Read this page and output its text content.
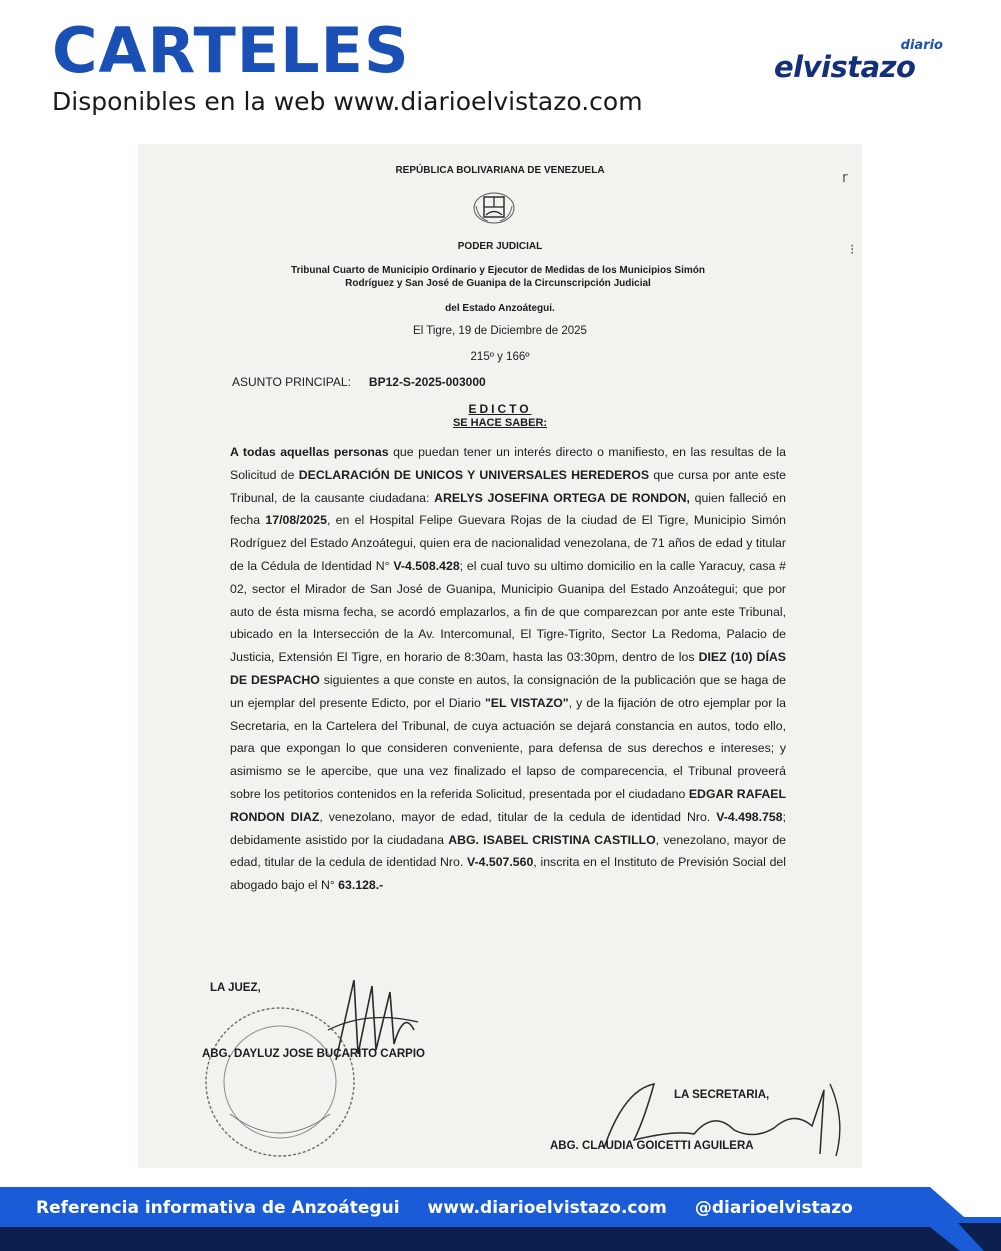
CARTELES

Disponibles en la web www.diarioelvistazo.com

diario
elvistazo

REPÚBLICA BOLIVARIANA DE VENEZUELA

PODER JUDICIAL

Tribunal Cuarto de Municipio Ordinario y Ejecutor de Medidas de los Municipios Simón

Rodríguez y San José de Guanipa de la Circunscripción Judicial

del Estado Anzoátegui.

El Tigre, 19 de Diciembre de 2025

215º y 166º

ASUNTO PRINCIPAL: BP12-S-2025-003000

EDICTO

SE HACE SABER:

A todas aquellas personas que puedan tener un interés directo o manifiesto, en las resultas de la Solicitud de DECLARACIÓN DE UNICOS Y UNIVERSALES HEREDEROS que cursa por ante este Tribunal, de la causante ciudadana: ARELYS JOSEFINA ORTEGA DE RONDON, quien falleció en fecha 17/08/2025, en el Hospital Felipe Guevara Rojas de la ciudad de El Tigre, Municipio Simón Rodríguez del Estado Anzoátegui, quien era de nacionalidad venezolana, de 71 años de edad y titular de la Cédula de Identidad N° V-4.508.428; el cual tuvo su ultimo domicilio en la calle Yaracuy, casa # 02, sector el Mirador de San José de Guanipa, Municipio Guanipa del Estado Anzoátegui; que por auto de ésta misma fecha, se acordó emplazarlos, a fin de que comparezcan por ante este Tribunal, ubicado en la Intersección de la Av. Intercomunal, El Tigre-Tigrito, Sector La Redoma, Palacio de Justicia, Extensión El Tigre, en horario de 8:30am, hasta las 03:30pm, dentro de los DIEZ (10) DÍAS DE DESPACHO siguientes a que conste en autos, la consignación de la publicación que se haga de un ejemplar del presente Edicto, por el Diario "EL VISTAZO", y de la fijación de otro ejemplar por la Secretaria, en la Cartelera del Tribunal, de cuya actuación se dejará constancia en autos, todo ello, para que expongan lo que consideren conveniente, para defensa de sus derechos e intereses; y asimismo se le apercibe, que una vez finalizado el lapso de comparecencia, el Tribunal proveerá sobre los petitorios contenidos en la referida Solicitud, presentada por el ciudadano EDGAR RAFAEL RONDON DIAZ, venezolano, mayor de edad, titular de la cedula de identidad Nro. V-4.498.758; debidamente asistido por la ciudadana ABG. ISABEL CRISTINA CASTILLO, venezolano, mayor de edad, titular de la cedula de identidad Nro. V-4.507.560, inscrita en el Instituto de Previsión Social del abogado bajo el N° 63.128.-

LA JUEZ,

ABG. DAYLUZ JOSE BUCARITO CARPIO

LA SECRETARIA,

ABG. CLAUDIA GOICETTI AGUILERA

r
⁝

Referencia informativa de Anzoátegui www.diarioelvistazo.com @diarioelvistazo
